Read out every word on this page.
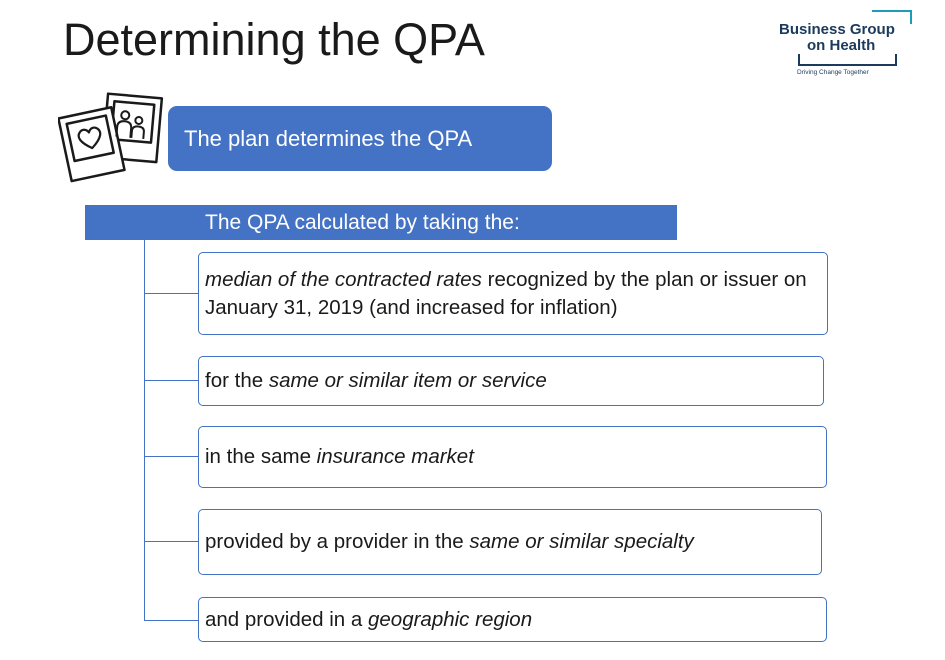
Determining the QPA	Business Group
on Health
Driving Change Together
The plan determines the QPA
The QPA calculated by taking the:
median of the contracted rates recognized by the plan or issuer on January 31, 2019 (and increased for inflation)
for the same or similar item or service
in the same insurance market
provided by a provider in the same or similar specialty
and provided in a geographic region
